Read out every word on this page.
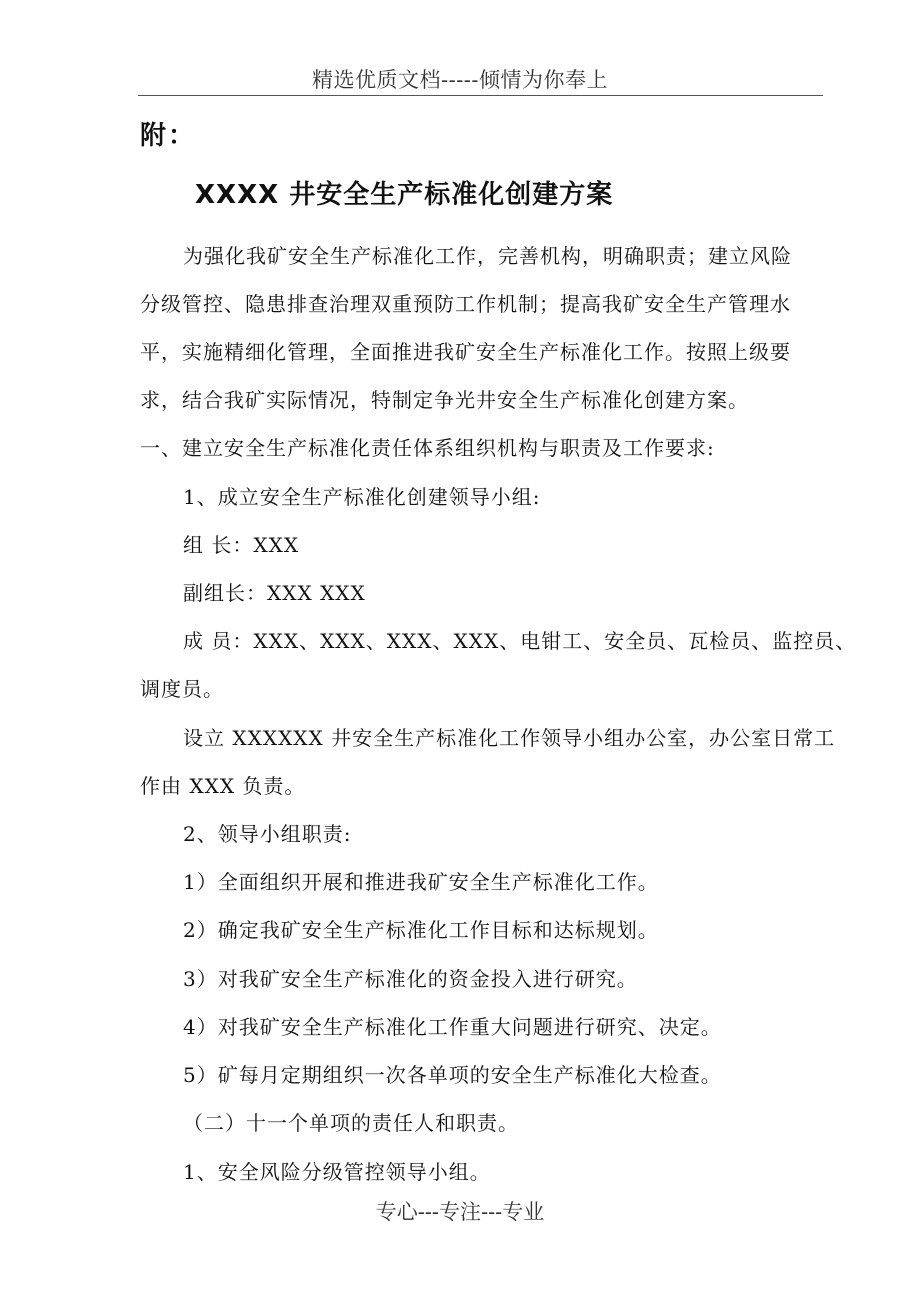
精选优质文档-----倾情为你奉上
附：
XXXX 井安全生产标准化创建方案
为强化我矿安全生产标准化工作，完善机构，明确职责；建立风险
分级管控、隐患排查治理双重预防工作机制；提高我矿安全生产管理水
平，实施精细化管理，全面推进我矿安全生产标准化工作。按照上级要
求，结合我矿实际情况，特制定争光井安全生产标准化创建方案。
一、建立安全生产标准化责任体系组织机构与职责及工作要求:
1、成立安全生产标准化创建领导小组:
组 长：XXX
副组长：XXX XXX
成 员：XXX、XXX、XXX、XXX、电钳工、安全员、瓦检员、监控员、
调度员。
设立 XXXXXX 井安全生产标准化工作领导小组办公室，办公室日常工
作由 XXX 负责。
2、领导小组职责:
1）全面组织开展和推进我矿安全生产标准化工作。
2）确定我矿安全生产标准化工作目标和达标规划。
3）对我矿安全生产标准化的资金投入进行研究。
4）对我矿安全生产标准化工作重大问题进行研究、决定。
5）矿每月定期组织一次各单项的安全生产标准化大检查。
（二）十一个单项的责任人和职责。
1、安全风险分级管控领导小组。
专心---专注---专业
